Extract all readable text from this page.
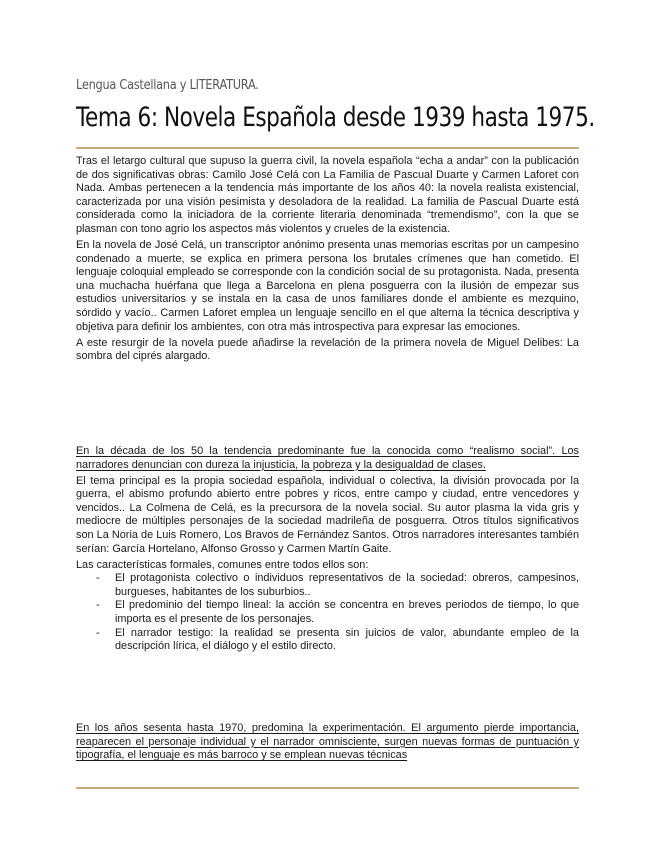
Lengua Castellana y LITERATURA.
Tema 6: Novela Española desde 1939 hasta 1975.

Tras el letargo cultural que supuso la guerra civil, la novela española “echa a andar” con la publicación de dos significativas obras: Camilo José Celá con La Familia de Pascual Duarte y Carmen Laforet con Nada. Ambas pertenecen a la tendencia más importante de los años 40: la novela realista existencial, caracterizada por una visión pesimista y desoladora de la realidad. La familia de Pascual Duarte está considerada como la iniciadora de la corriente literaria denominada “tremendismo”, con la que se plasman con tono agrio los aspectos más violentos y crueles de la existencia.

En la novela de José Celá, un transcriptor anónimo presenta unas memorias escritas por un campesino condenado a muerte, se explica en primera persona los brutales crímenes que han cometido. El lenguaje coloquial empleado se corresponde con la condición social de su protagonista. Nada, presenta una muchacha huérfana que llega a Barcelona en plena posguerra con la ilusión de empezar sus estudios universitarios y se instala en la casa de unos familiares donde el ambiente es mezquino, sórdido y vacío.. Carmen Laforet emplea un lenguaje sencillo en el que alterna la técnica descriptiva y objetiva para definir los ambientes, con otra más introspectiva para expresar las emociones.

A este resurgir de la novela puede añadirse la revelación de la primera novela de Miguel Delibes: La sombra del ciprés alargado.

En la década de los 50 la tendencia predominante fue la conocida como “realismo social”. Los narradores denuncian con dureza la injusticia, la pobreza y la desigualdad de clases.

El tema principal es la propia sociedad española, individual o colectiva, la división provocada por la guerra, el abismo profundo abierto entre pobres y ricos, entre campo y ciudad, entre vencedores y vencidos.. La Colmena de Celá, es la precursora de la novela social. Su autor plasma la vida gris y mediocre de múltiples personajes de la sociedad madrileña de posguerra. Otros títulos significativos son La Noria de Luis Romero, Los Bravos de Fernández Santos. Otros narradores interesantes también serían: García Hortelano, Alfonso Grosso y Carmen Martín Gaite.

Las características formales, comunes entre todos ellos son:

- El protagonista colectivo o individuos representativos de la sociedad: obreros, campesinos, burgueses, habitantes de los suburbios..
- El predominio del tiempo lineal: la acción se concentra en breves periodos de tiempo, lo que importa es el presente de los personajes.
- El narrador testigo: la realidad se presenta sin juicios de valor, abundante empleo de la descripción lírica, el diálogo y el estilo directo.

En los años sesenta hasta 1970, predomina la experimentación. El argumento pierde importancia, reaparecen el personaje individual y el narrador omnisciente, surgen nuevas formas de puntuación y tipografía, el lenguaje es más barroco y se emplean nuevas técnicas
